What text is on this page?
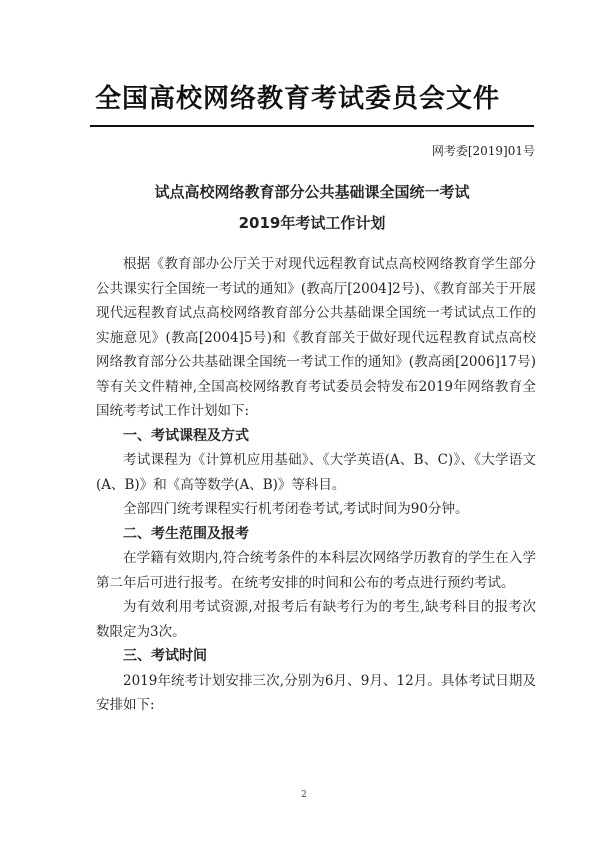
全国高校网络教育考试委员会文件
网考委[2019]01号
试点高校网络教育部分公共基础课全国统一考试
2019年考试工作计划

根据《教育部办公厅关于对现代远程教育试点高校网络教育学生部分公共课实行全国统一考试的通知》(教高厅[2004]2号)、《教育部关于开展现代远程教育试点高校网络教育部分公共基础课全国统一考试试点工作的实施意见》(教高[2004]5号)和《教育部关于做好现代远程教育试点高校网络教育部分公共基础课全国统一考试工作的通知》(教高函[2006]17号)等有关文件精神,全国高校网络教育考试委员会特发布2019年网络教育全国统考考试工作计划如下:

一、考试课程及方式

考试课程为《计算机应用基础》、《大学英语(A、B、C)》、《大学语文(A、B)》和《高等数学(A、B)》等科目。

全部四门统考课程实行机考闭卷考试,考试时间为90分钟。

二、考生范围及报考

在学籍有效期内,符合统考条件的本科层次网络学历教育的学生在入学第二年后可进行报考。在统考安排的时间和公布的考点进行预约考试。

为有效利用考试资源,对报考后有缺考行为的考生,缺考科目的报考次数限定为3次。

三、考试时间

2019年统考计划安排三次,分别为6月、9月、12月。具体考试日期及安排如下:

2
